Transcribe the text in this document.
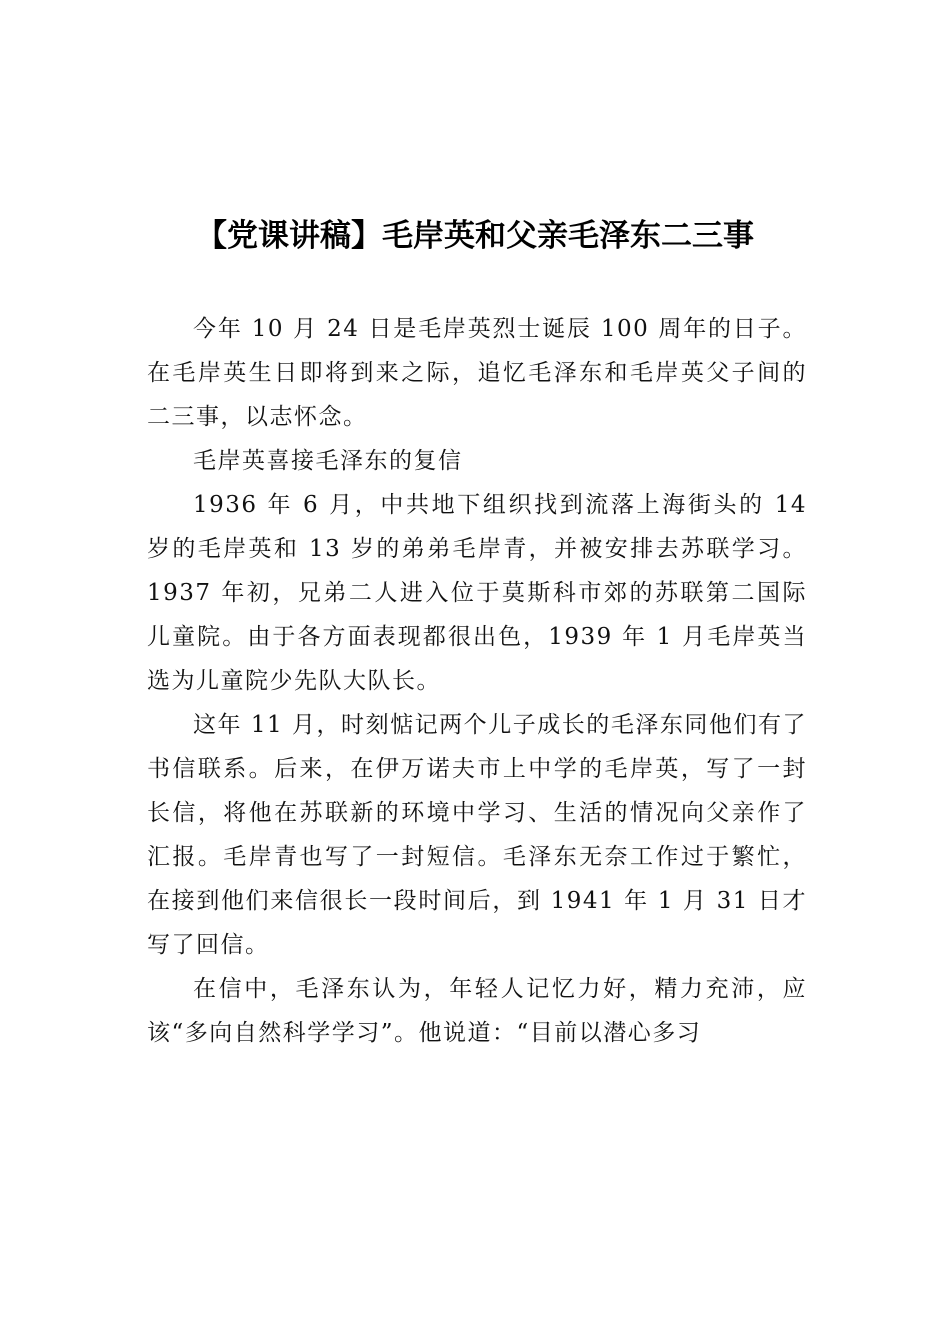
【党课讲稿】毛岸英和父亲毛泽东二三事

今年 10 月 24 日是毛岸英烈士诞辰 100 周年的日子。在毛岸英生日即将到来之际，追忆毛泽东和毛岸英父子间的二三事，以志怀念。

毛岸英喜接毛泽东的复信

1936 年 6 月，中共地下组织找到流落上海街头的 14 岁的毛岸英和 13 岁的弟弟毛岸青，并被安排去苏联学习。1937 年初，兄弟二人进入位于莫斯科市郊的苏联第二国际儿童院。由于各方面表现都很出色，1939 年 1 月毛岸英当选为儿童院少先队大队长。

这年 11 月，时刻惦记两个儿子成长的毛泽东同他们有了书信联系。后来，在伊万诺夫市上中学的毛岸英，写了一封长信，将他在苏联新的环境中学习、生活的情况向父亲作了汇报。毛岸青也写了一封短信。毛泽东无奈工作过于繁忙，在接到他们来信很长一段时间后，到 1941 年 1 月 31 日才写了回信。

在信中，毛泽东认为，年轻人记忆力好，精力充沛，应该“多向自然科学学习”。他说道：“目前以潜心多习
